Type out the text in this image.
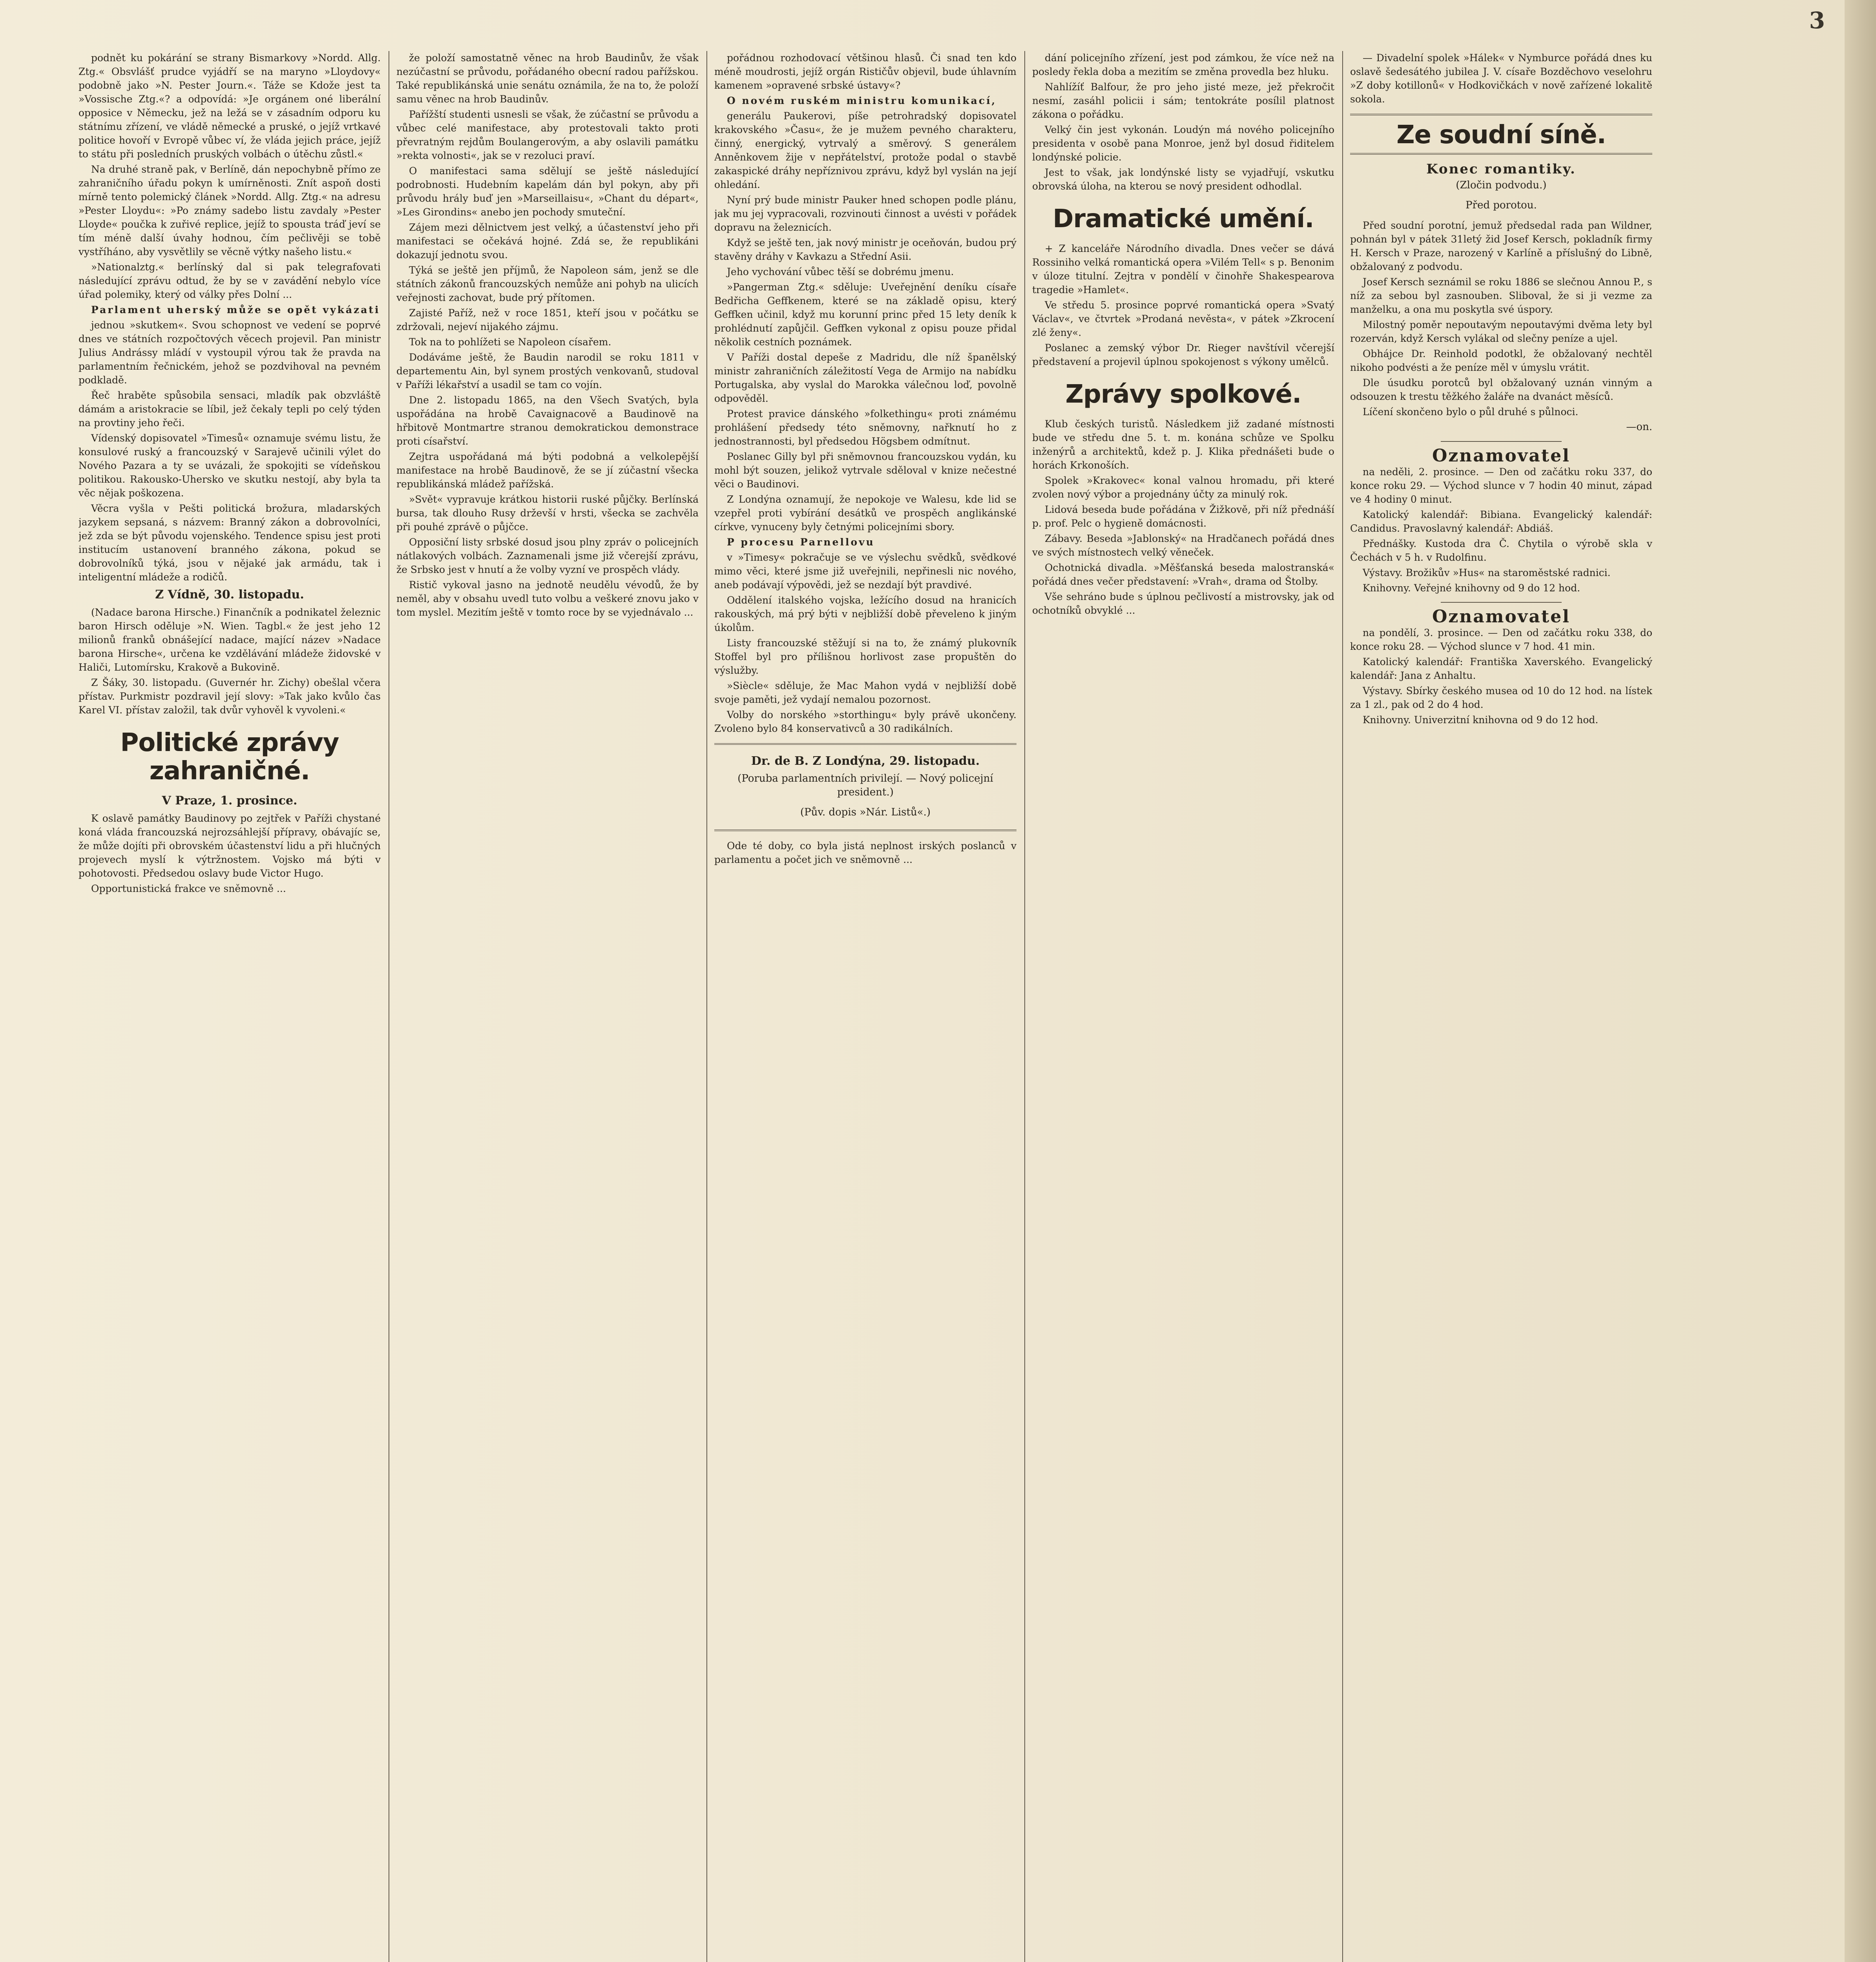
3

podnět ku pokárání se strany Bismarkovy »Nordd. Allg. Ztg.« Obsvlášť prudce vyjádří se na maryno »Lloydovy« podobně jako »N. Pester Journ.«. Táže se Kdože jest ta »Vossische Ztg.«? a odpovídá: »Je orgánem oné liberální opposice v Německu, jež na ležá se v zásadním odporu ku státnímu zřízení, ve vládě německé a pruské, o jejíž vrtkavé politice hovoří v Evropě vůbec ví, že vláda jejich práce, jejíž to státu při posledních pruských volbách o útěchu zůstl.«

Na druhé straně pak, v Berlíně, dán nepochybně přímo ze zahraničního úřadu pokyn k umírněnosti. Znít aspoň dosti mírně tento polemický článek »Nordd. Allg. Ztg.« na adresu »Pester Lloydu«: »Po známy sadebo listu zavdaly »Pester Lloyde« poučka k zuřivé replice, jejíž to spousta tráď jeví se tím méně další úvahy hodnou, čím pečlivěji se tobě vystříháno, aby vysvětlily se věcně výtky našeho listu.«

»Nationalztg.« berlínský dal si pak telegrafovati následující zprávu odtud, že by se v zavádění nebylo více úřad polemiky, který od války přes Dolní ...

Parlament uherský může se opět vykázati

jednou »skutkem«. Svou schopnost ve vedení se poprvé dnes ve státních rozpočtových věcech projevil. Pan ministr Julius Andrássy mládí v vystoupil výrou tak že pravda na parlamentním řečnickém, jehož se pozdvihoval na pevném podkladě.

Řeč hraběte spůsobila sensaci, mladík pak obzvláště dámám a aristokracie se líbil, jež čekaly tepli po celý týden na provtiny jeho řeči.

Vídenský dopisovatel »Timesů« oznamuje svému listu, že konsulové ruský a francouzský v Sarajevě učinili výlet do Nového Pazara a ty se uvázali, že spokojiti se vídeňskou politikou. Rakousko-Uhersko ve skutku nestojí, aby byla ta věc nějak poškozena.

Věcra vyšla v Pešti politická brožura, mladarských jazykem sepsaná, s názvem: Branný zákon a dobrovolníci, jež zda se být původu vojenského. Tendence spisu jest proti institucím ustanovení branného zákona, pokud se dobrovolníků týká, jsou v nějaké jak armádu, tak i inteligentní mládeže a rodičů.

Z Vídně, 30. listopadu.

(Nadace barona Hirsche.) Finančník a podnikatel železnic baron Hirsch oděluje »N. Wien. Tagbl.« že jest jeho 12 milionů franků obnášející nadace, mající název »Nadace barona Hirsche«, určena ke vzdělávání mládeže židovské v Haliči, Lutomírsku, Krakově a Bukovině.

Z Šáky, 30. listopadu. (Guvernér hr. Zichy) obešlal včera přístav. Purkmistr pozdravil její slovy: »Tak jako kvůlo čas Karel VI. přístav založil, tak dvůr vyhověl k vyvoleni.«

Politické zprávy zahraničné.
V Praze, 1. prosince.

K oslavě památky Baudinovy po zejtřek v Paříži chystané koná vláda francouzská nejrozsáhlejší přípravy, obávajíc se, že může dojíti při obrovském účastenství lidu a při hlučných projevech myslí k výtržnostem. Vojsko má býti v pohotovosti. Předsedou oslavy bude Victor Hugo.

Opportunistická frakce ve sněmovně ...

že položí samostatně věnec na hrob Baudinův, že však nezúčastní se průvodu, pořádaného obecní radou pařížskou. Také republikánská unie senátu oznámila, že na to, že položí samu věnec na hrob Baudinův.

Pařížští studenti usnesli se však, že zúčastní se průvodu a vůbec celé manifestace, aby protestovali takto proti převratným rejdům Boulangerovým, a aby oslavili památku »rekta volnosti«, jak se v rezoluci praví.

O manifestaci sama sdělují se ještě následující podrobnosti. Hudebním kapelám dán byl pokyn, aby při průvodu hrály buď jen »Marseillaisu«, »Chant du départ«, »Les Girondins« anebo jen pochody smuteční.

Zájem mezi dělnictvem jest velký, a účastenství jeho při manifestaci se očekává hojné. Zdá se, že republikáni dokazují jednotu svou.

Týká se ještě jen příjmů, že Napoleon sám, jenž se dle státních zákonů francouzských nemůže ani pohyb na ulicích veřejnosti zachovat, bude prý přítomen.

Zajisté Paříž, než v roce 1851, kteří jsou v počátku se zdržovali, nejeví nijakého zájmu.

Tok na to pohlížeti se Napoleon císařem.

Dodáváme ještě, že Baudin narodil se roku 1811 v departementu Ain, byl synem prostých venkovanů, studoval v Paříži lékařství a usadil se tam co vojín.

Dne 2. listopadu 1865, na den Všech Svatých, byla uspořádána na hrobě Cavaignacově a Baudinově na hřbitově Montmartre stranou demokratickou demonstrace proti císařství.

Zejtra uspořádaná má býti podobná a velkolepější manifestace na hrobě Baudinově, že se jí zúčastní všecka republikánská mládež pařížská.

»Svět« vypravuje krátkou historii ruské půjčky. Berlínská bursa, tak dlouho Rusy drževší v hrsti, všecka se zachvěla při pouhé zprávě o půjčce.

Opposiční listy srbské dosud jsou plny zpráv o policejních nátlakových volbách. Zaznamenali jsme již včerejší zprávu, že Srbsko jest v hnutí a že volby vyzní ve prospěch vlády.

Ristič vykoval jasno na jednotě neudělu vévodů, že by neměl, aby v obsahu uvedl tuto volbu a veškeré znovu jako v tom myslel. Mezitím ještě v tomto roce by se vyjednávalo ...

pořádnou rozhodovací většinou hlasů. Či snad ten kdo méně moudrosti, jejíž orgán Rističův objevil, bude úhlavním kamenem »opravené srbské ústavy«?

O novém ruském ministru komunikací,

generálu Paukerovi, píše petrohradský dopisovatel krakovského »Času«, že je mužem pevného charakteru, činný, energický, vytrvalý a směrový. S generálem Anněnkovem žije v nepřátelství, protože podal o stavbě zakaspické dráhy nepříznivou zprávu, když byl vyslán na její ohledání.

Nyní prý bude ministr Pauker hned schopen podle plánu, jak mu jej vypracovali, rozvinouti činnost a uvésti v pořádek dopravu na železnicích.

Když se ještě ten, jak nový ministr je oceňován, budou prý stavěny dráhy v Kavkazu a Střední Asii.

Jeho vychování vůbec těší se dobrému jmenu.

»Pangerman Ztg.« sděluje: Uveřejnění deníku císaře Bedřicha Geffkenem, které se na základě opisu, který Geffken učinil, když mu korunní princ před 15 lety deník k prohlédnutí zapůjčil. Geffken vykonal z opisu pouze přidal několik cestních poznámek.

V Paříži dostal depeše z Madridu, dle níž španělský ministr zahraničních záležitostí Vega de Armijo na nabídku Portugalska, aby vyslal do Marokka válečnou loď, povolně odpověděl.

Protest pravice dánského »folkethingu« proti známému prohlášení předsedy této sněmovny, nařknutí ho z jednostrannosti, byl předsedou Högsbem odmítnut.

Poslanec Gilly byl při sněmovnou francouzskou vydán, ku mohl být souzen, jelikož vytrvale sděloval v knize nečestné věci o Baudinovi.

Z Londýna oznamují, že nepokoje ve Walesu, kde lid se vzepřel proti vybírání desátků ve prospěch anglikánské církve, vynuceny byly četnými policejními sbory.

P procesu Parnellovu

v »Timesy« pokračuje se ve výslechu svědků, svědkové mimo věci, které jsme již uveřejnili, nepřinesli nic nového, aneb podávají výpovědi, jež se nezdají být pravdivé.

Oddělení italského vojska, ležícího dosud na hranicích rakouských, má prý býti v nejbližší době převeleno k jiným úkolům.

Listy francouzské stěžují si na to, že známý plukovník Stoffel byl pro přílišnou horlivost zase propuštěn do výslužby.

»Siècle« sděluje, že Mac Mahon vydá v nejbližší době svoje paměti, jež vydají nemalou pozornost.

Volby do norského »storthingu« byly právě ukončeny. Zvoleno bylo 84 konservativců a 30 radikálních.

Dr. de B. Z Londýna, 29. listopadu.
(Poruba parlamentních privilejí. — Nový policejní president.)
(Pův. dopis »Nár. Listů«.)

Ode té doby, co byla jistá neplnost irských poslanců v parlamentu a počet jich ve sněmovně ...

dání policejního zřízení, jest pod zámkou, že více než na posledy řekla doba a mezitím se změna provedla bez hluku.

Nahlížíť Balfour, že pro jeho jisté meze, jež překročit nesmí, zasáhl policii i sám; tentokráte posílil platnost zákona o pořádku.

Velký čin jest vykonán. Loudýn má nového policejního presidenta v osobě pana Monroe, jenž byl dosud řiditelem londýnské policie.

Jest to však, jak londýnské listy se vyjadřují, vskutku obrovská úloha, na kterou se nový president odhodlal.

Dramatické umění.

+ Z kanceláře Národního divadla. Dnes večer se dává Rossiniho velká romantická opera »Vilém Tell« s p. Benonim v úloze titulní. Zejtra v pondělí v činohře Shakespearova tragedie »Hamlet«.

Ve středu 5. prosince poprvé romantická opera »Svatý Václav«, ve čtvrtek »Prodaná nevěsta«, v pátek »Zkrocení zlé ženy«.

Poslanec a zemský výbor Dr. Rieger navštívil včerejší představení a projevil úplnou spokojenost s výkony umělců.

Zprávy spolkové.

Klub českých turistů. Následkem již zadané místnosti bude ve středu dne 5. t. m. konána schůze ve Spolku inženýrů a architektů, kdež p. J. Klika přednášeti bude o horách Krkonoších.

Spolek »Krakovec« konal valnou hromadu, při které zvolen nový výbor a projednány účty za minulý rok.

Lidová beseda bude pořádána v Žižkově, při níž přednáší p. prof. Pelc o hygieně domácnosti.

Zábavy. Beseda »Jablonský« na Hradčanech pořádá dnes ve svých místnostech velký věneček.

Ochotnická divadla. »Měšťanská beseda malostranská« pořádá dnes večer představení: »Vrah«, drama od Štolby.

Vše sehráno bude s úplnou pečlivostí a mistrovsky, jak od ochotníků obvyklé ...

— Divadelní spolek »Hálek« v Nymburce pořádá dnes ku oslavě šedesátého jubilea J. V. císaře Bozděchovo veselohru »Z doby kotillonů« v Hodkovičkách v nově zařízené lokalitě sokola.

Ze soudní síně.
Konec romantiky.
(Zločin podvodu.)
Před porotou.

Před soudní porotní, jemuž předsedal rada pan Wildner, pohnán byl v pátek 31letý žid Josef Kersch, pokladník firmy H. Kersch v Praze, narozený v Karlíně a příslušný do Libně, obžalovaný z podvodu.

Josef Kersch seznámil se roku 1886 se slečnou Annou P., s níž za sebou byl zasnouben. Sliboval, že si ji vezme za manželku, a ona mu poskytla své úspory.

Milostný poměr nepoutavým nepoutavými dvěma lety byl rozerván, když Kersch vylákal od slečny peníze a ujel.

Obhájce Dr. Reinhold podotkl, že obžalovaný nechtěl nikoho podvésti a že peníze měl v úmyslu vrátit.

Dle úsudku porotců byl obžalovaný uznán vinným a odsouzen k trestu těžkého žaláře na dvanáct měsíců.

Líčení skončeno bylo o půl druhé s půlnoci.

—on.
Oznamovatel

na neděli, 2. prosince. — Den od začátku roku 337, do konce roku 29. — Východ slunce v 7 hodin 40 minut, západ ve 4 hodiny 0 minut.

Katolický kalendář: Bibiana. Evangelický kalendář: Candidus. Pravoslavný kalendář: Abdiáš.

Přednášky. Kustoda dra Č. Chytila o výrobě skla v Čechách v 5 h. v Rudolfinu.

Výstavy. Brožikův »Hus« na staroměstské radnici.

Knihovny. Veřejné knihovny od 9 do 12 hod.

Oznamovatel

na pondělí, 3. prosince. — Den od začátku roku 338, do konce roku 28. — Východ slunce v 7 hod. 41 min.

Katolický kalendář: Františka Xaverského. Evangelický kalendář: Jana z Anhaltu.

Výstavy. Sbírky českého musea od 10 do 12 hod. na lístek za 1 zl., pak od 2 do 4 hod.

Knihovny. Univerzitní knihovna od 9 do 12 hod.
